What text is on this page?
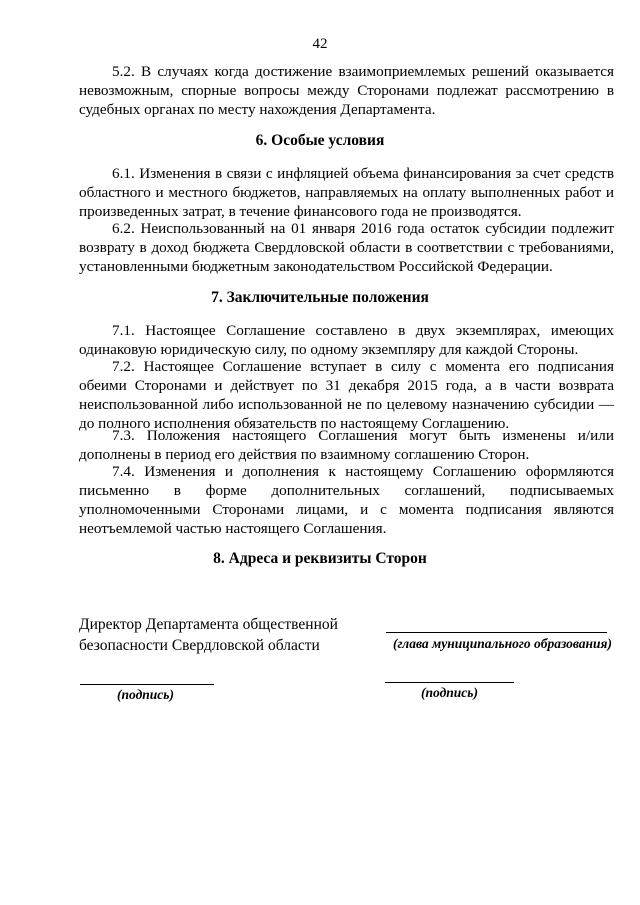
42

5.2. В случаях когда достижение взаимоприемлемых решений оказывается невозможным, спорные вопросы между Сторонами подлежат рассмотрению в судебных органах по месту нахождения Департамента.

6. Особые условия

6.1. Изменения в связи с инфляцией объема финансирования за счет средств областного и местного бюджетов, направляемых на оплату выполненных работ и произведенных затрат, в течение финансового года не производятся.

6.2. Неиспользованный на 01 января 2016 года остаток субсидии подлежит возврату в доход бюджета Свердловской области в соответствии с требованиями, установленными бюджетным законодательством Российской Федерации.

7. Заключительные положения

7.1. Настоящее Соглашение составлено в двух экземплярах, имеющих одинаковую юридическую силу, по одному экземпляру для каждой Стороны.

7.2. Настоящее Соглашение вступает в силу с момента его подписания обеими Сторонами и действует по 31 декабря 2015 года, а в части возврата неиспользованной либо использованной не по целевому назначению субсидии — до полного исполнения обязательств по настоящему Соглашению.

7.3. Положения настоящего Соглашения могут быть изменены и/или дополнены в период его действия по взаимному соглашению Сторон.

7.4. Изменения и дополнения к настоящему Соглашению оформляются письменно в форме дополнительных соглашений, подписываемых уполномоченными Сторонами лицами, и с момента подписания являются неотъемлемой частью настоящего Соглашения.

8. Адреса и реквизиты Сторон
Директор Департамента общественной
безопасности Свердловской области	(глава муниципального образования)
(подпись)	(подпись)
